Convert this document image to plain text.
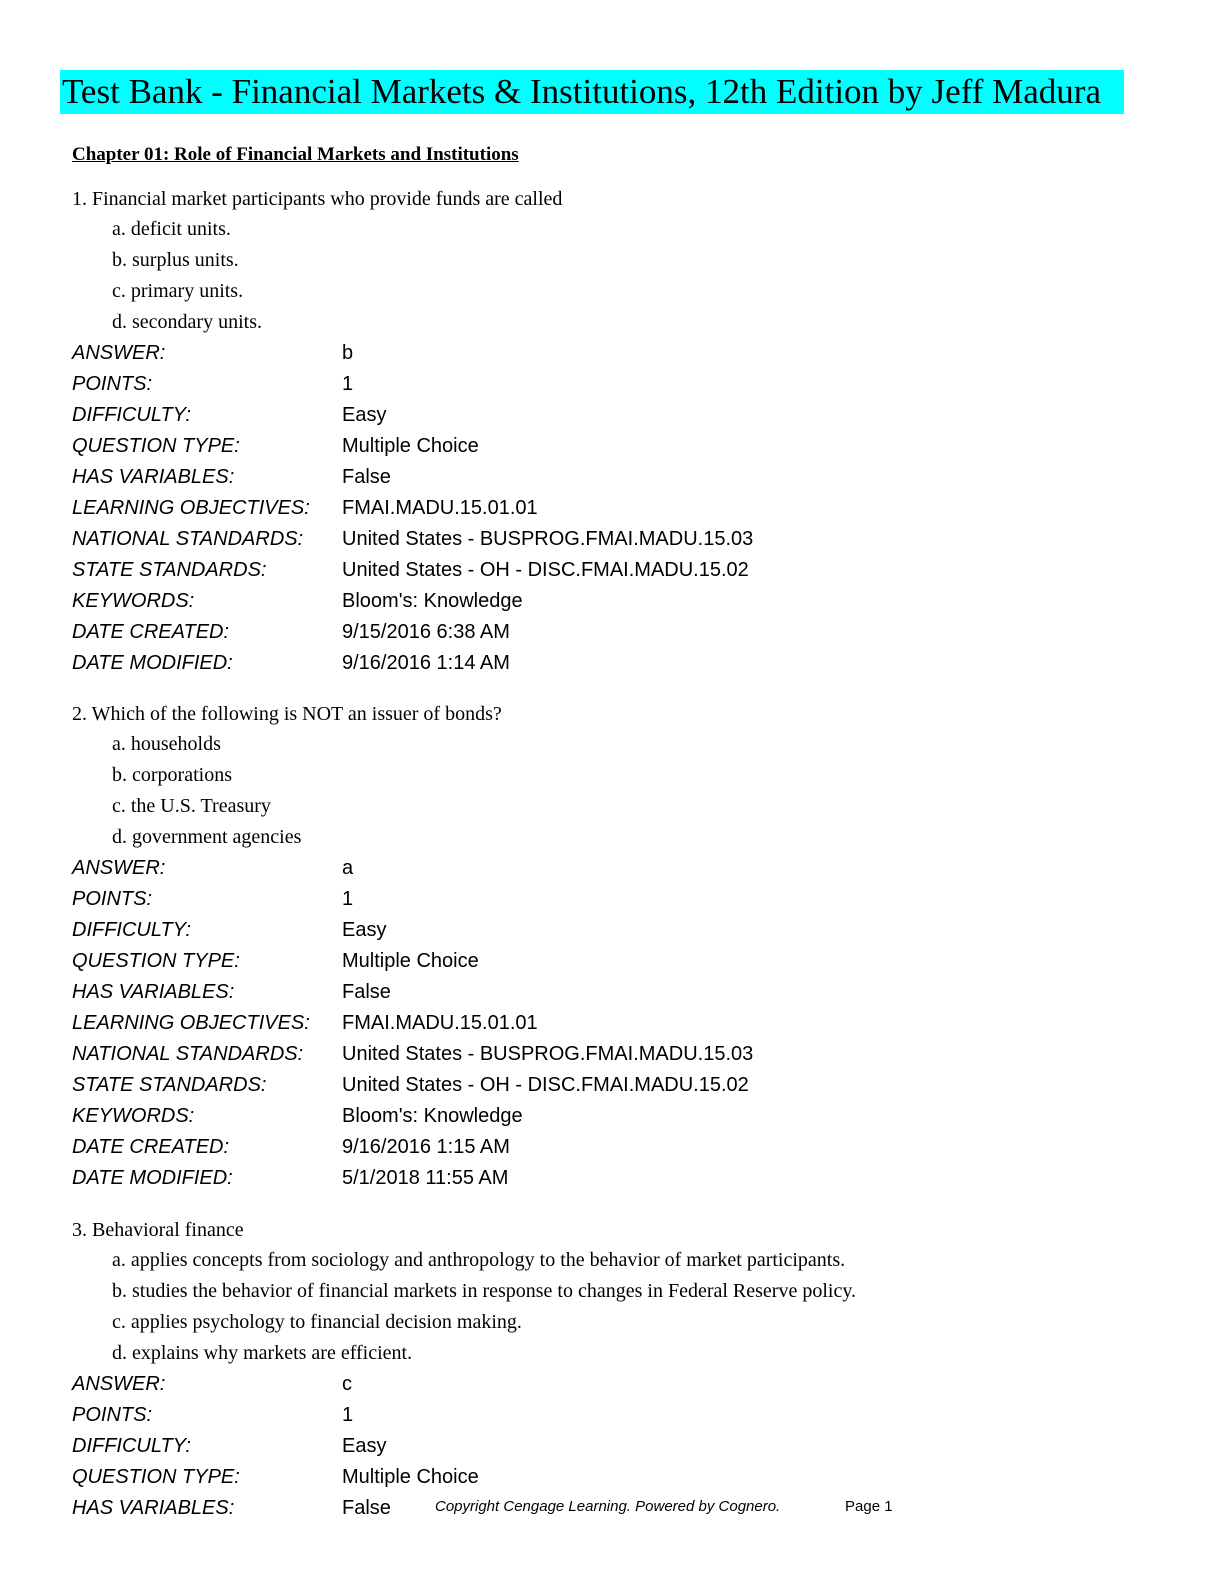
Test Bank - Financial Markets & Institutions, 12th Edition by Jeff Madura
Chapter 01: Role of Financial Markets and Institutions
1. Financial market participants who provide funds are called
a. deficit units.
b. surplus units.
c. primary units.
d. secondary units.
ANSWER:	b
POINTS:	1
DIFFICULTY:	Easy
QUESTION TYPE:	Multiple Choice
HAS VARIABLES:	False
LEARNING OBJECTIVES:	FMAI.MADU.15.01.01
NATIONAL STANDARDS:	United States - BUSPROG.FMAI.MADU.15.03
STATE STANDARDS:	United States - OH - DISC.FMAI.MADU.15.02
KEYWORDS:	Bloom's: Knowledge
DATE CREATED:	9/15/2016 6:38 AM
DATE MODIFIED:	9/16/2016 1:14 AM
2. Which of the following is NOT an issuer of bonds?
a. households
b. corporations
c. the U.S. Treasury
d. government agencies
ANSWER:	a
POINTS:	1
DIFFICULTY:	Easy
QUESTION TYPE:	Multiple Choice
HAS VARIABLES:	False
LEARNING OBJECTIVES:	FMAI.MADU.15.01.01
NATIONAL STANDARDS:	United States - BUSPROG.FMAI.MADU.15.03
STATE STANDARDS:	United States - OH - DISC.FMAI.MADU.15.02
KEYWORDS:	Bloom's: Knowledge
DATE CREATED:	9/16/2016 1:15 AM
DATE MODIFIED:	5/1/2018 11:55 AM
3. Behavioral finance
a. applies concepts from sociology and anthropology to the behavior of market participants.
b. studies the behavior of financial markets in response to changes in Federal Reserve policy.
c. applies psychology to financial decision making.
d. explains why markets are efficient.
ANSWER:	c
POINTS:	1
DIFFICULTY:	Easy
QUESTION TYPE:	Multiple Choice
HAS VARIABLES:	False	Copyright Cengage Learning. Powered by Cognero.	Page 1
